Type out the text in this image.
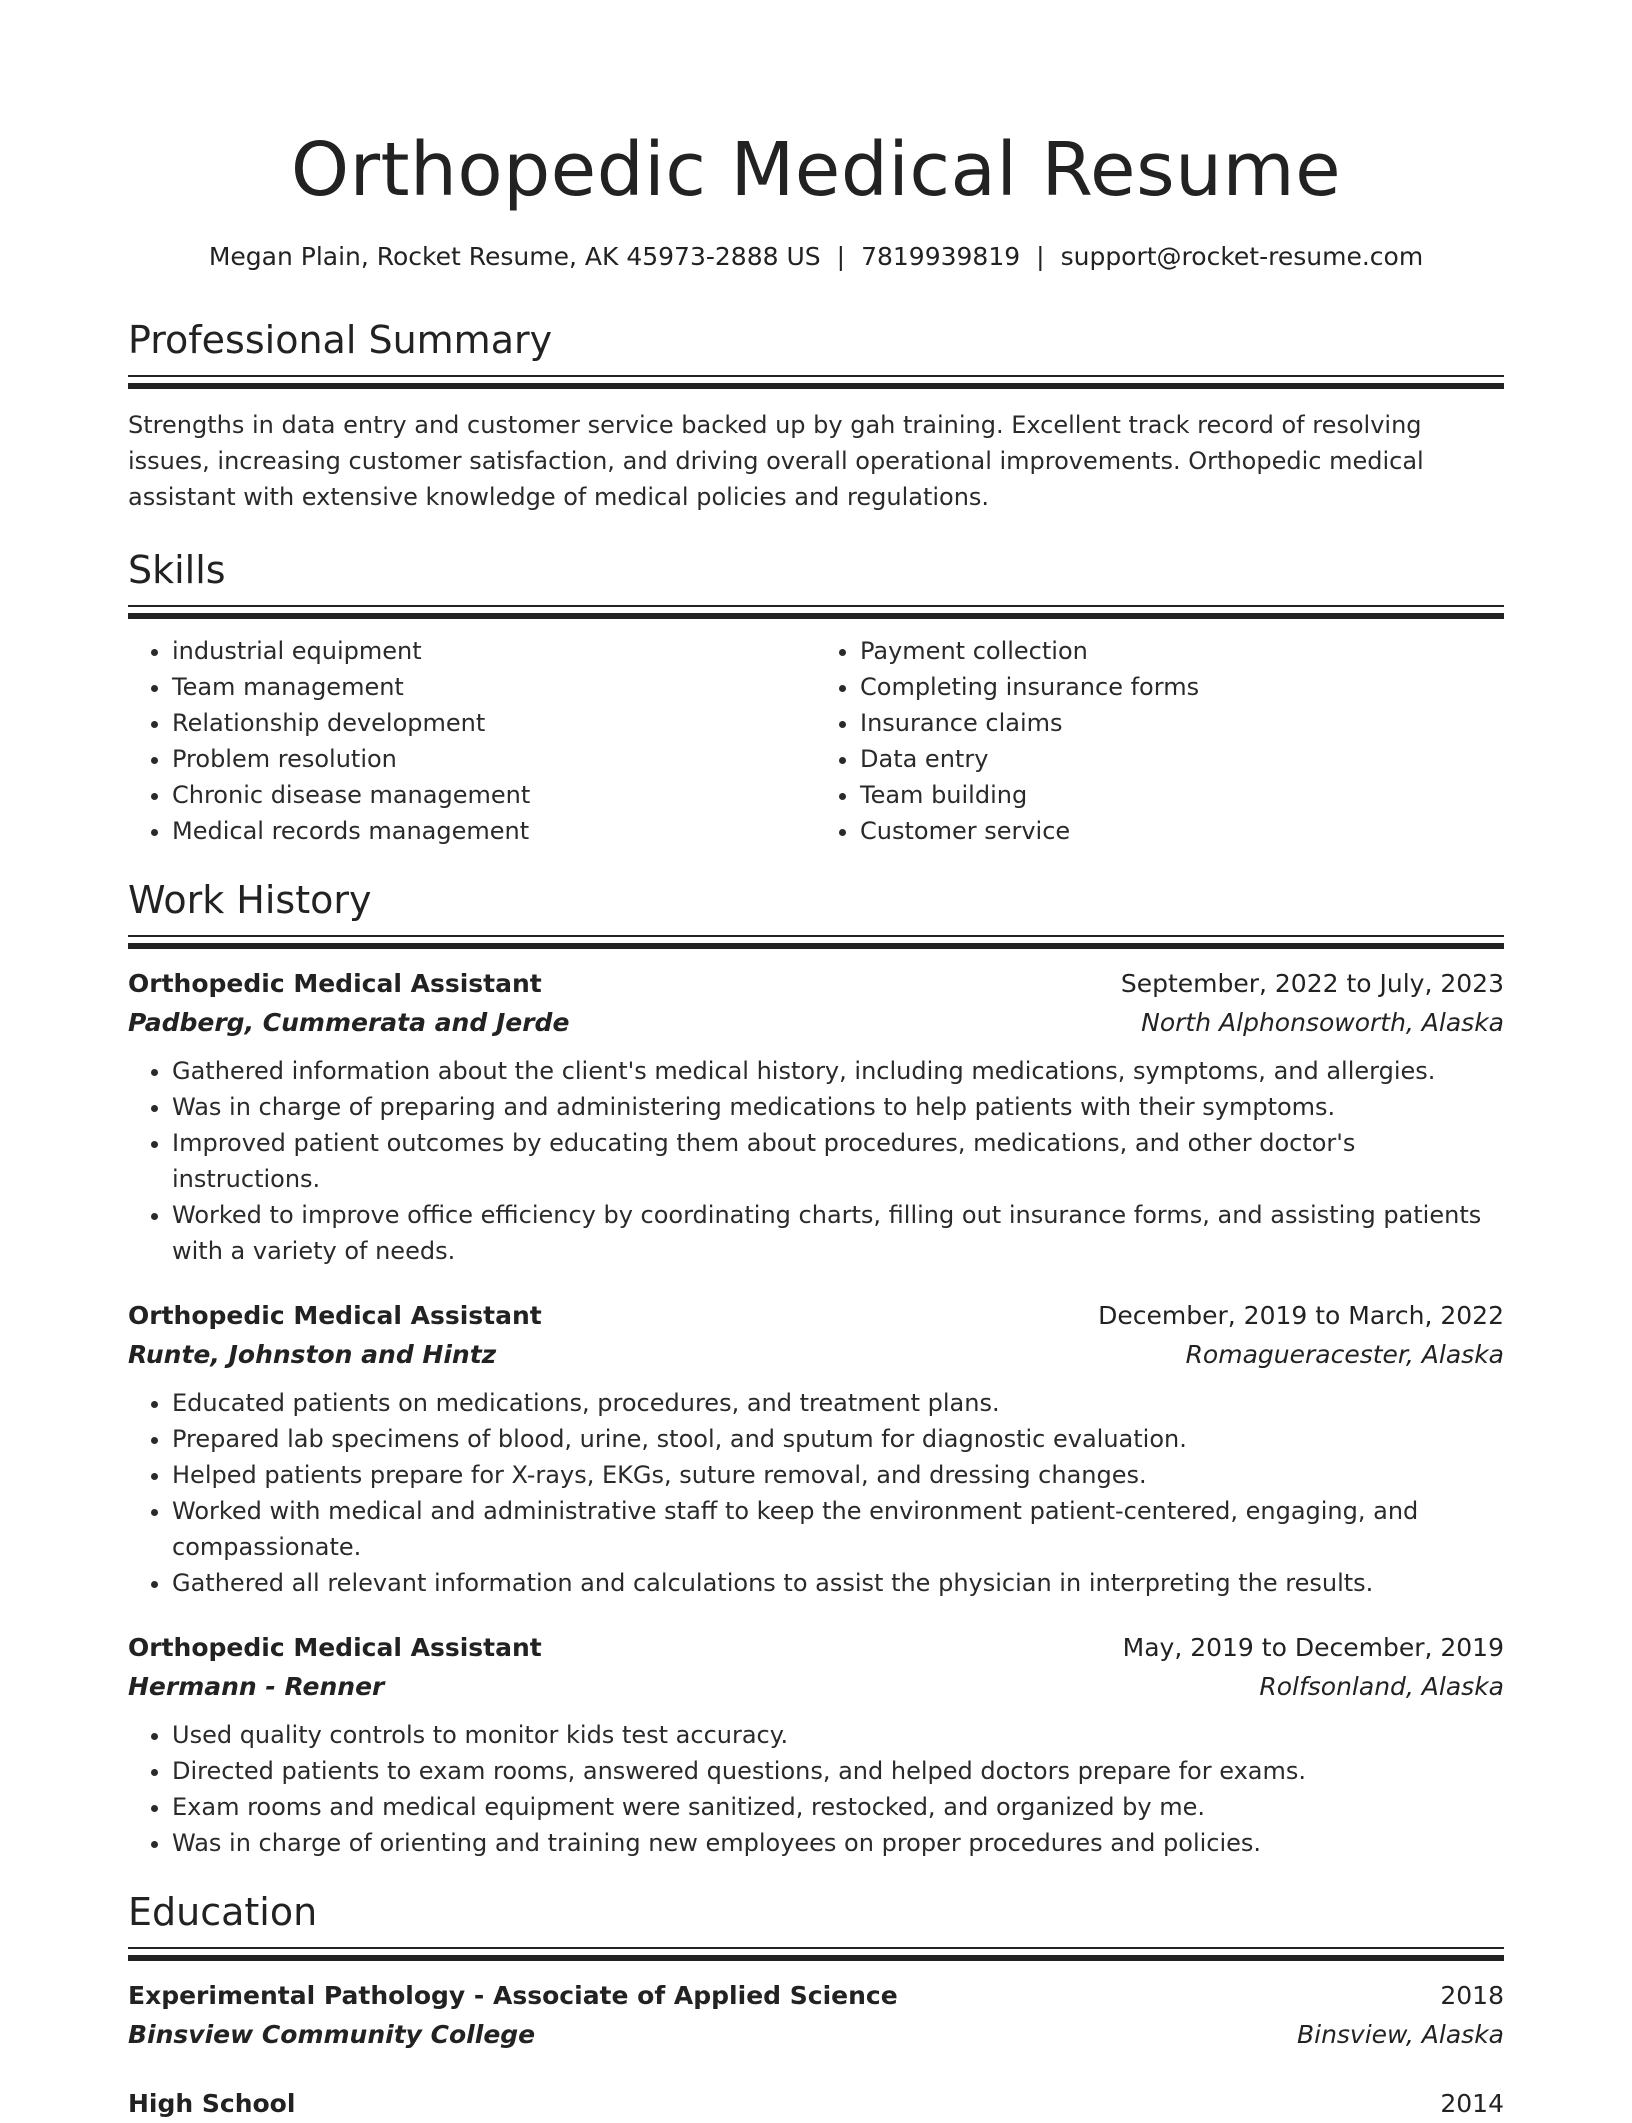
Orthopedic Medical Resume
Megan Plain, Rocket Resume, AK 45973-2888 US | 7819939819 | support@rocket-resume.com
Professional Summary
Strengths in data entry and customer service backed up by gah training. Excellent track record of resolving issues, increasing customer satisfaction, and driving overall operational improvements. Orthopedic medical assistant with extensive knowledge of medical policies and regulations.
Skills
• industrial equipment
• Team management
• Relationship development
• Problem resolution
• Chronic disease management
• Medical records management
• Payment collection
• Completing insurance forms
• Insurance claims
• Data entry
• Team building
• Customer service
Work History
Orthopedic Medical Assistant	September, 2022 to July, 2023
Padberg, Cummerata and Jerde	North Alphonsoworth, Alaska
• Gathered information about the client's medical history, including medications, symptoms, and allergies.
• Was in charge of preparing and administering medications to help patients with their symptoms.
• Improved patient outcomes by educating them about procedures, medications, and other doctor's instructions.
• Worked to improve office efficiency by coordinating charts, filling out insurance forms, and assisting patients with a variety of needs.
Orthopedic Medical Assistant	December, 2019 to March, 2022
Runte, Johnston and Hintz	Romagueracester, Alaska
• Educated patients on medications, procedures, and treatment plans.
• Prepared lab specimens of blood, urine, stool, and sputum for diagnostic evaluation.
• Helped patients prepare for X-rays, EKGs, suture removal, and dressing changes.
• Worked with medical and administrative staff to keep the environment patient-centered, engaging, and compassionate.
• Gathered all relevant information and calculations to assist the physician in interpreting the results.
Orthopedic Medical Assistant	May, 2019 to December, 2019
Hermann - Renner	Rolfsonland, Alaska
• Used quality controls to monitor kids test accuracy.
• Directed patients to exam rooms, answered questions, and helped doctors prepare for exams.
• Exam rooms and medical equipment were sanitized, restocked, and organized by me.
• Was in charge of orienting and training new employees on proper procedures and policies.
Education
Experimental Pathology - Associate of Applied Science	2018
Binsview Community College	Binsview, Alaska
High School	2014
